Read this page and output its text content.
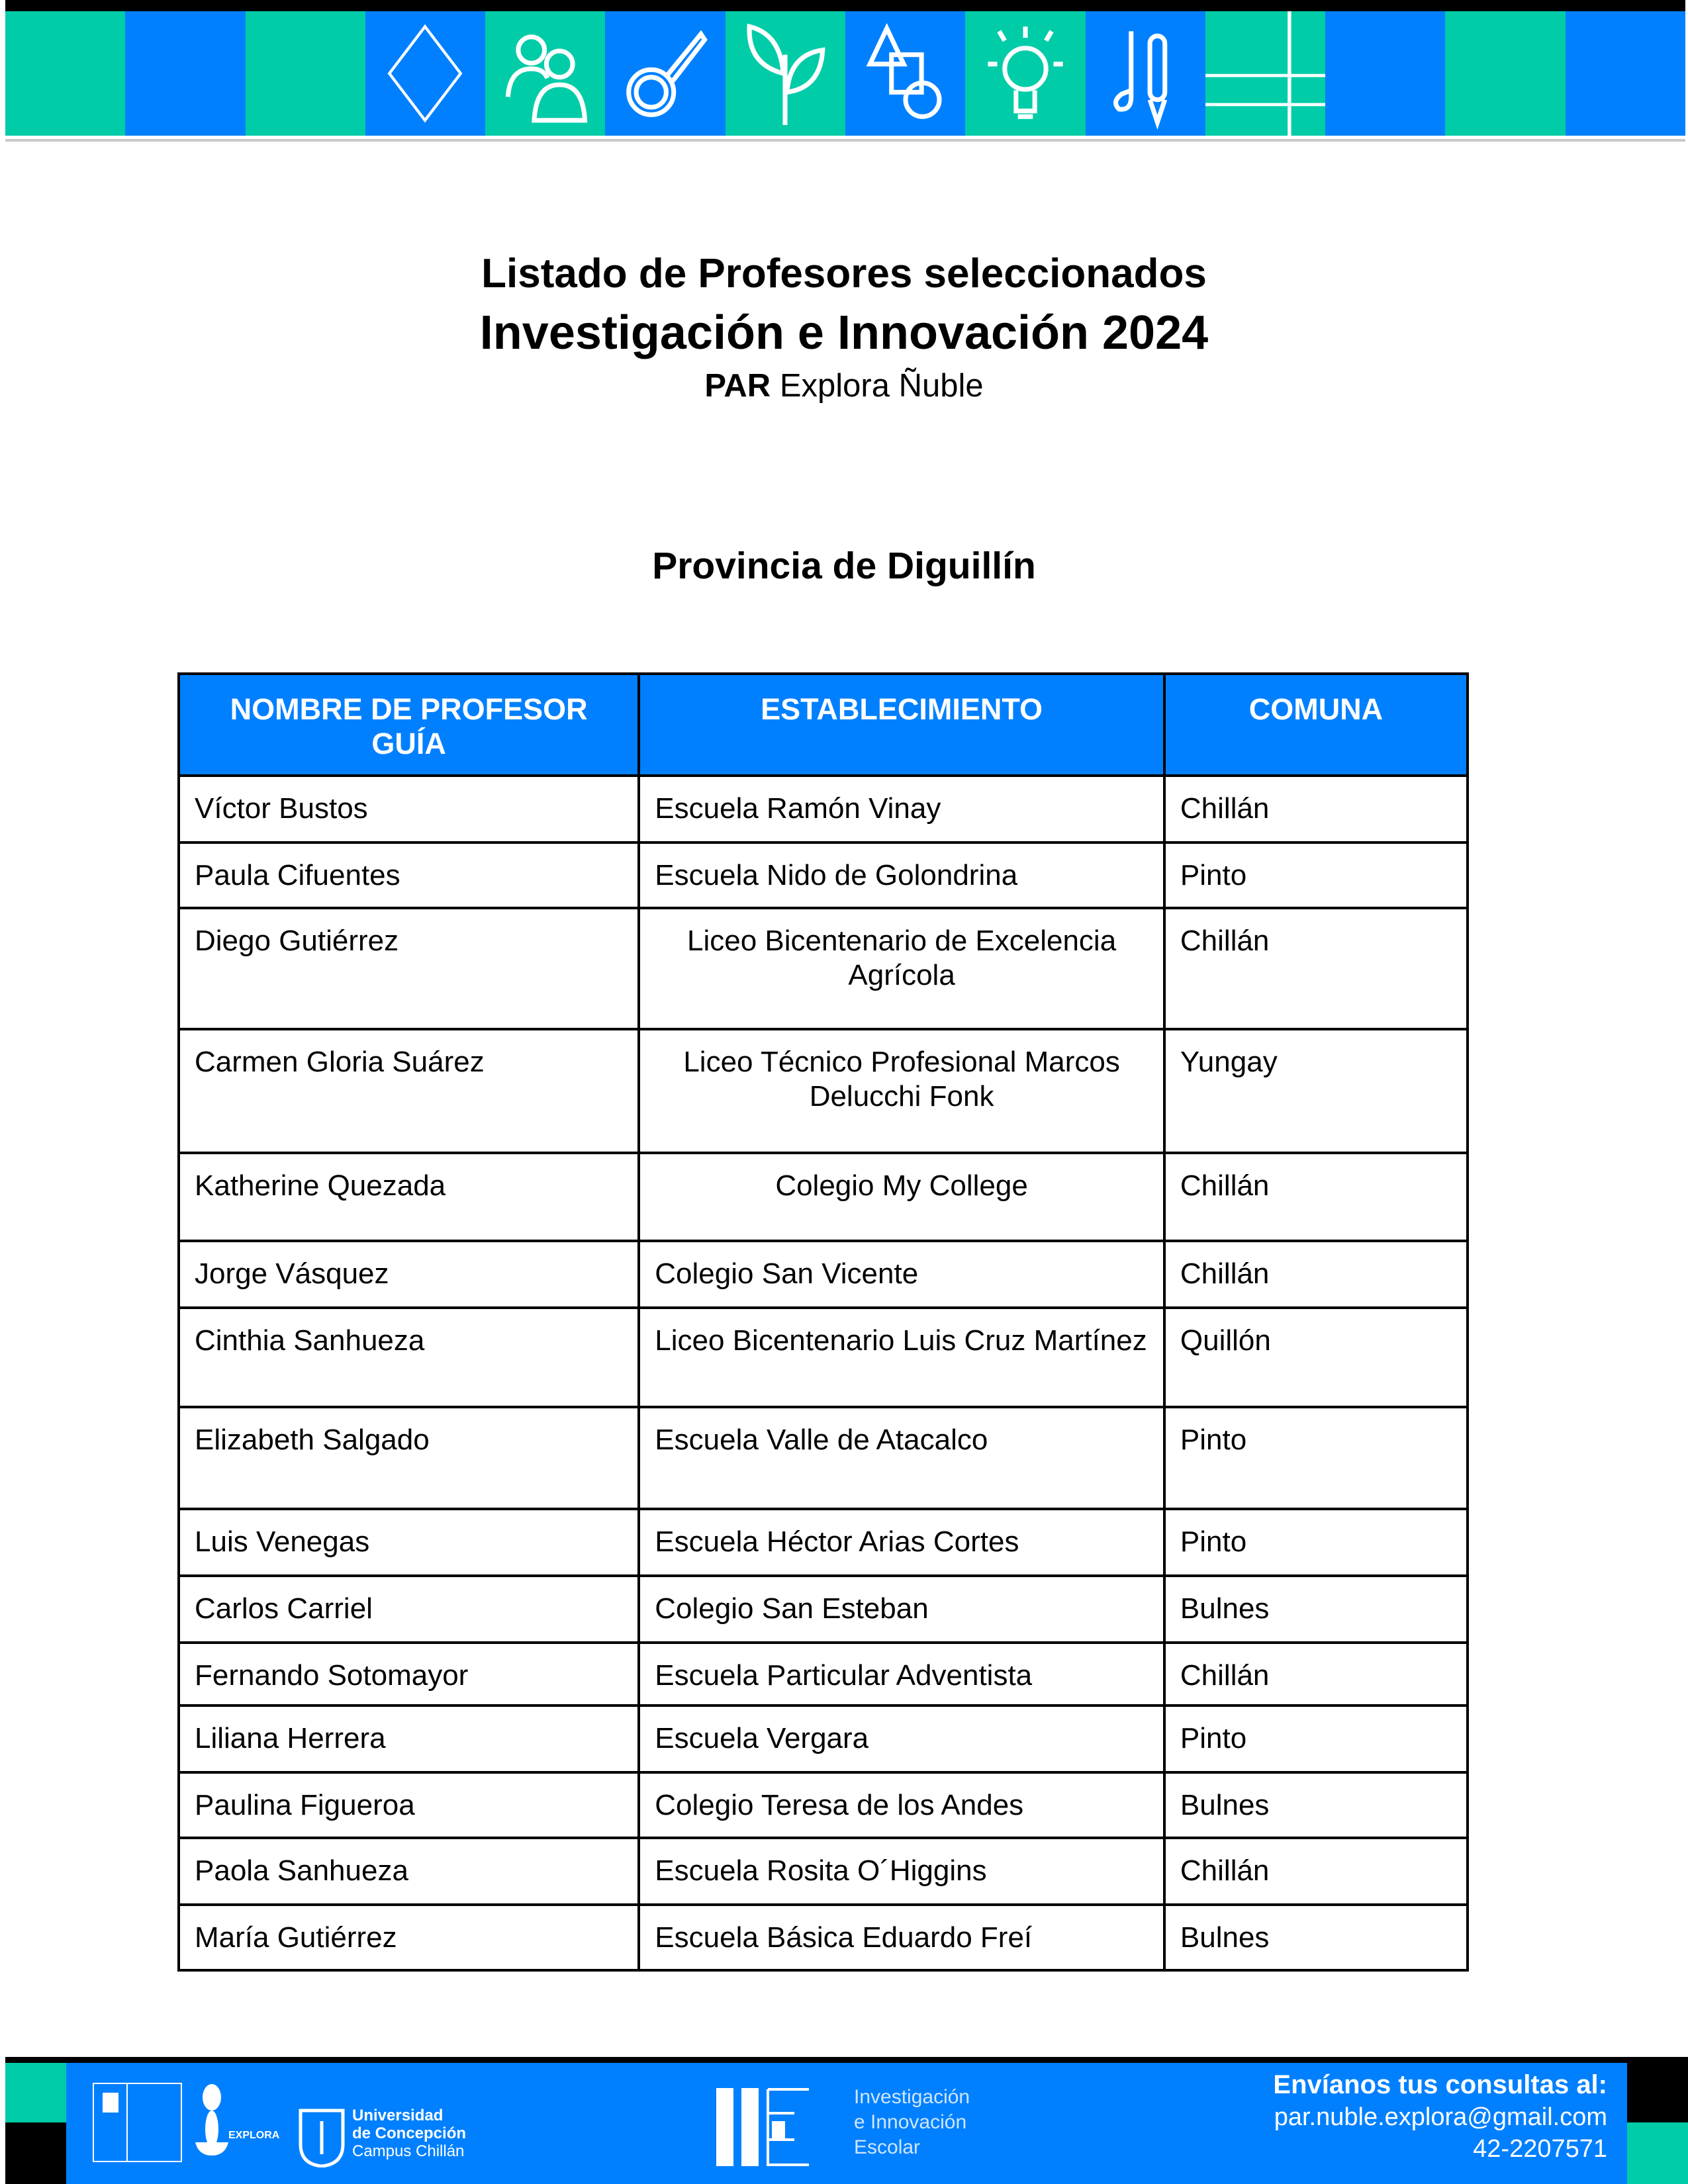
Listado de Profesores seleccionados
Investigación e Innovación 2024
PAR Explora Ñuble
Provincia de Diguillín
NOMBRE DE PROFESOR GUÍA	ESTABLECIMIENTO	COMUNA
Víctor Bustos	Escuela Ramón Vinay	Chillán
Paula Cifuentes	Escuela Nido de Golondrina	Pinto
Diego Gutiérrez	Liceo Bicentenario de Excelencia Agrícola	Chillán
Carmen Gloria Suárez	Liceo Técnico Profesional Marcos Delucchi Fonk	Yungay
Katherine Quezada	Colegio My College	Chillán
Jorge Vásquez	Colegio San Vicente	Chillán
Cinthia Sanhueza	Liceo Bicentenario Luis Cruz Martínez	Quillón
Elizabeth Salgado	Escuela Valle de Atacalco	Pinto
Luis Venegas	Escuela Héctor Arias Cortes	Pinto
Carlos Carriel	Colegio San Esteban	Bulnes
Fernando Sotomayor	Escuela Particular Adventista	Chillán
Liliana Herrera	Escuela Vergara	Pinto
Paulina Figueroa	Colegio Teresa de los Andes	Bulnes
Paola Sanhueza	Escuela Rosita O´Higgins	Chillán
María Gutiérrez	Escuela Básica Eduardo Freí	Bulnes
EXPLORA
Universidad
de Concepción
Campus Chillán
Investigación
e Innovación
Escolar
Envíanos tus consultas al:
par.nuble.explora@gmail.com
42-2207571
